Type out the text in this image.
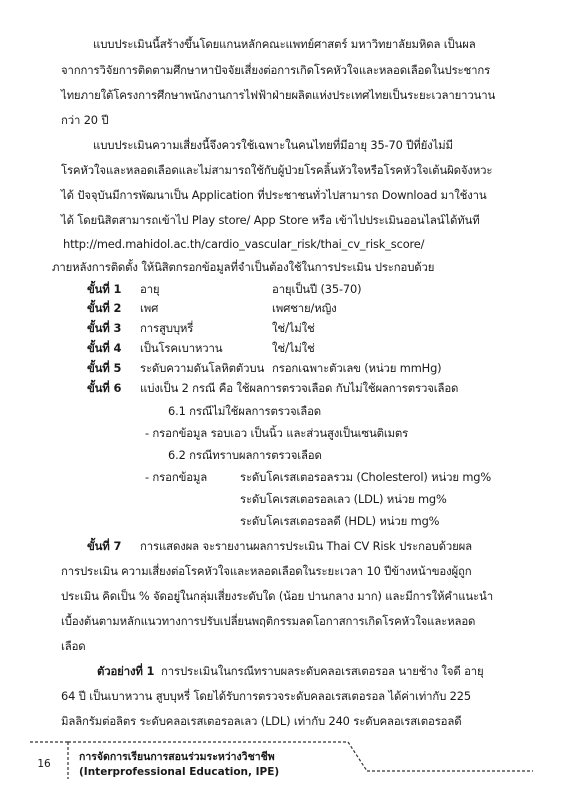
แบบประเมินนี้สร้างขึ้นโดยแกนหลักคณะแพทย์ศาสตร์ มหาวิทยาลัยมหิดล เป็นผล
จากการวิจัยการติดตามศึกษาหาปัจจัยเสี่ยงต่อการเกิดโรคหัวใจและหลอดเลือดในประชากร
ไทยภายใต้โครงการศึกษาพนักงานการไฟฟ้าฝ่ายผลิตแห่งประเทศไทยเป็นระยะเวลายาวนาน
กว่า 20 ปี
แบบประเมินความเสี่ยงนี้จึงควรใช้เฉพาะในคนไทยที่มีอายุ 35-70 ปีที่ยังไม่มี
โรคหัวใจและหลอดเลือดและไม่สามารถใช้กับผู้ป่วยโรคลิ้นหัวใจหรือโรคหัวใจเต้นผิดจังหวะ
ได้ ปัจจุบันมีการพัฒนาเป็น Application ที่ประชาชนทั่วไปสามารถ Download มาใช้งาน
ได้ โดยนิสิตสามารถเข้าไป Play store/ App Store หรือ เข้าไปประเมินออนไลน์ได้ทันที
http://med.mahidol.ac.th/cardio_vascular_risk/thai_cv_risk_score/
ภายหลังการติดตั้ง ให้นิสิตกรอกข้อมูลที่จำเป็นต้องใช้ในการประเมิน ประกอบด้วย
ขั้นที่ 1 อายุ	อายุเป็นปี (35-70)
ขั้นที่ 2 เพศ	เพศชาย/หญิง
ขั้นที่ 3 การสูบบุหรี่	ใช่/ไม่ใช่
ขั้นที่ 4 เป็นโรคเบาหวาน	ใช่/ไม่ใช่
ขั้นที่ 5 ระดับความดันโลหิตตัวบน กรอกเฉพาะตัวเลข (หน่วย mmHg)
ขั้นที่ 6 แบ่งเป็น 2 กรณี คือ ใช้ผลการตรวจเลือด กับไม่ใช้ผลการตรวจเลือด
6.1 กรณีไม่ใช้ผลการตรวจเลือด
- กรอกข้อมูล รอบเอว เป็นนิ้ว และส่วนสูงเป็นเซนติเมตร
6.2 กรณีทราบผลการตรวจเลือด
- กรอกข้อมูล	ระดับโคเรสเตอรอลรวม (Cholesterol) หน่วย mg%
ระดับโคเรสเตอรอลเลว (LDL) หน่วย mg%
ระดับโคเรสเตอรอลดี (HDL) หน่วย mg%
ขั้นที่ 7 การแสดงผล จะรายงานผลการประเมิน Thai CV Risk ประกอบด้วยผล
การประเมิน ความเสี่ยงต่อโรคหัวใจและหลอดเลือดในระยะเวลา 10 ปีข้างหน้าของผู้ถูก
ประเมิน คิดเป็น % จัดอยู่ในกลุ่มเสี่ยงระดับใด (น้อย ปานกลาง มาก) และมีการให้คำแนะนำ
เบื้องต้นตามหลักแนวทางการปรับเปลี่ยนพฤติกรรมลดโอกาสการเกิดโรคหัวใจและหลอด
เลือด
ตัวอย่างที่ 1 การประเมินในกรณีทราบผลระดับคลอเรสเตอรอล นายช้าง ใจดี อายุ
64 ปี เป็นเบาหวาน สูบบุหรี่ โดยได้รับการตรวจระดับคลอเรสเตอรอล ได้ค่าเท่ากับ 225
มิลลิกรัมต่อลิตร ระดับคลอเรสเตอรอลเลว (LDL) เท่ากับ 240 ระดับคลอเรสเตอรอลดี
16
การจัดการเรียนการสอนร่วมระหว่างวิชาชีพ
(Interprofessional Education, IPE)
